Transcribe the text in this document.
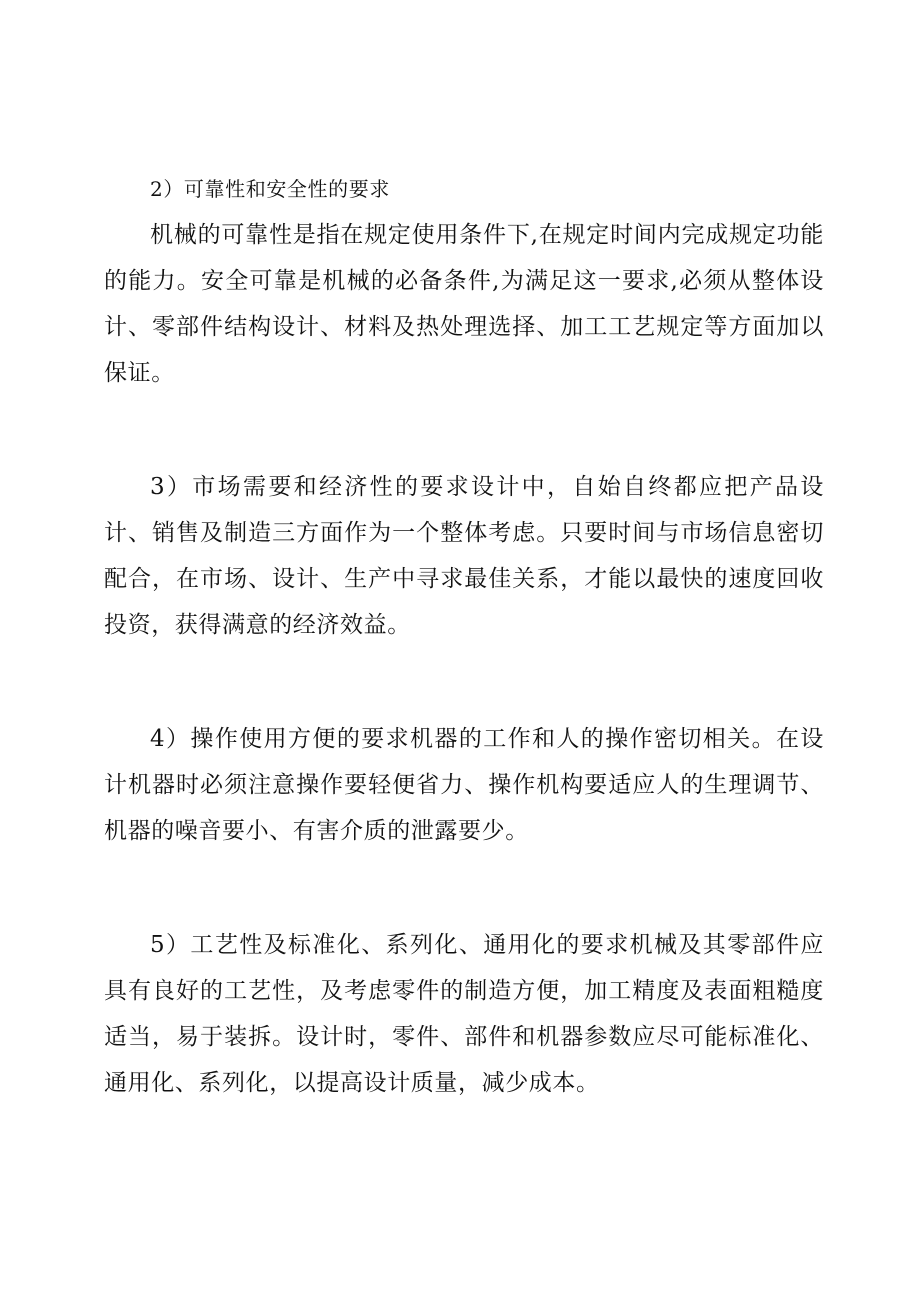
2）可靠性和安全性的要求

机械的可靠性是指在规定使用条件下,在规定时间内完成规定功能的能力。安全可靠是机械的必备条件,为满足这一要求,必须从整体设计、零部件结构设计、材料及热处理选择、加工工艺规定等方面加以保证。

3）市场需要和经济性的要求设计中，自始自终都应把产品设计、销售及制造三方面作为一个整体考虑。只要时间与市场信息密切配合，在市场、设计、生产中寻求最佳关系，才能以最快的速度回收投资，获得满意的经济效益。

4）操作使用方便的要求机器的工作和人的操作密切相关。在设计机器时必须注意操作要轻便省力、操作机构要适应人的生理调节、机器的噪音要小、有害介质的泄露要少。

5）工艺性及标准化、系列化、通用化的要求机械及其零部件应具有良好的工艺性，及考虑零件的制造方便，加工精度及表面粗糙度适当，易于装拆。设计时，零件、部件和机器参数应尽可能标准化、通用化、系列化，以提高设计质量，减少成本。
